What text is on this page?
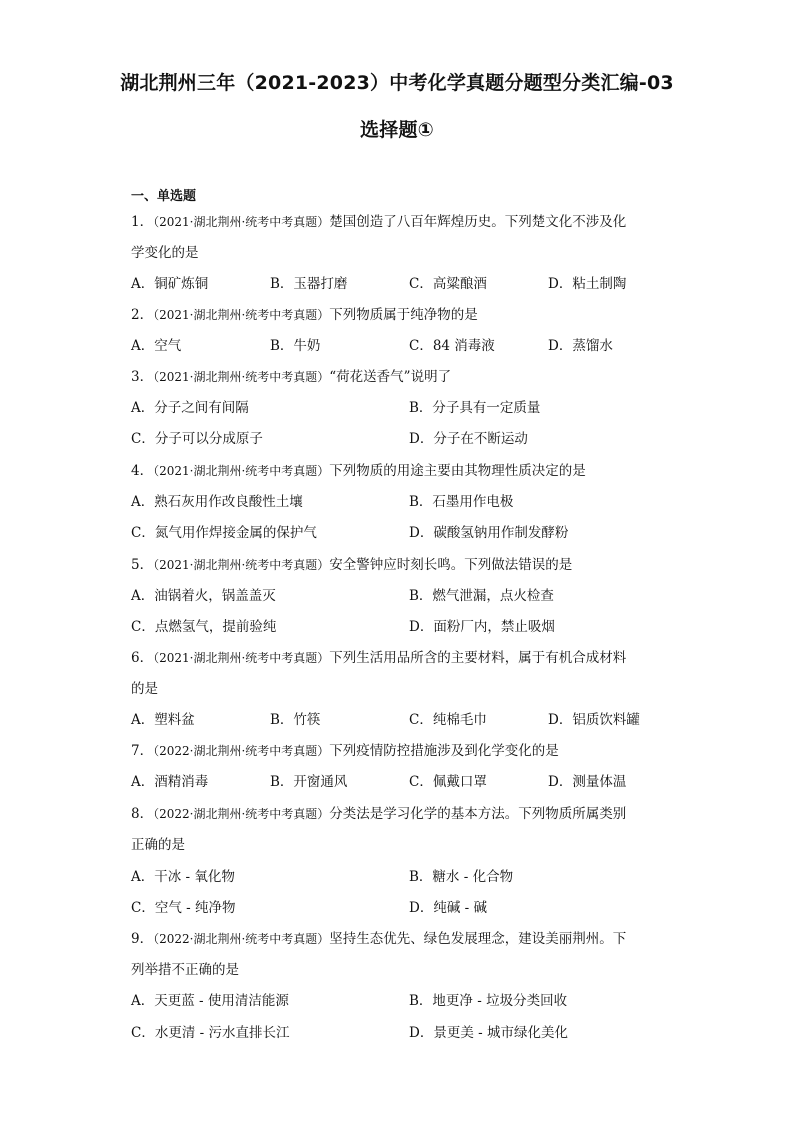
湖北荆州三年（2021-2023）中考化学真题分题型分类汇编-03
选择题①
一、单选题
1．（2021·湖北荆州·统考中考真题）楚国创造了八百年辉煌历史。下列楚文化不涉及化
学变化的是
A．铜矿炼铜	B．玉器打磨	C．高粱酿酒	D．粘土制陶
2．（2021·湖北荆州·统考中考真题）下列物质属于纯净物的是
A．空气	B．牛奶	C．84 消毒液	D．蒸馏水
3．（2021·湖北荆州·统考中考真题）“荷花送香气”说明了
A．分子之间有间隔	B．分子具有一定质量
C．分子可以分成原子	D．分子在不断运动
4．（2021·湖北荆州·统考中考真题）下列物质的用途主要由其物理性质决定的是
A．熟石灰用作改良酸性土壤	B．石墨用作电极
C．氮气用作焊接金属的保护气	D．碳酸氢钠用作制发酵粉
5．（2021·湖北荆州·统考中考真题）安全警钟应时刻长鸣。下列做法错误的是
A．油锅着火，锅盖盖灭	B．燃气泄漏，点火检查
C．点燃氢气，提前验纯	D．面粉厂内，禁止吸烟
6．（2021·湖北荆州·统考中考真题）下列生活用品所含的主要材料，属于有机合成材料
的是
A．塑料盆	B．竹筷	C．纯棉毛巾	D．铝质饮料罐
7．（2022·湖北荆州·统考中考真题）下列疫情防控措施涉及到化学变化的是
A．酒精消毒	B．开窗通风	C．佩戴口罩	D．测量体温
8．（2022·湖北荆州·统考中考真题）分类法是学习化学的基本方法。下列物质所属类别
正确的是
A．干冰 - 氧化物	B．糖水 - 化合物
C．空气 - 纯净物	D．纯碱 - 碱
9．（2022·湖北荆州·统考中考真题）坚持生态优先、绿色发展理念，建设美丽荆州。下
列举措不正确的是
A．天更蓝 - 使用清洁能源	B．地更净 - 垃圾分类回收
C．水更清 - 污水直排长江	D．景更美 - 城市绿化美化
